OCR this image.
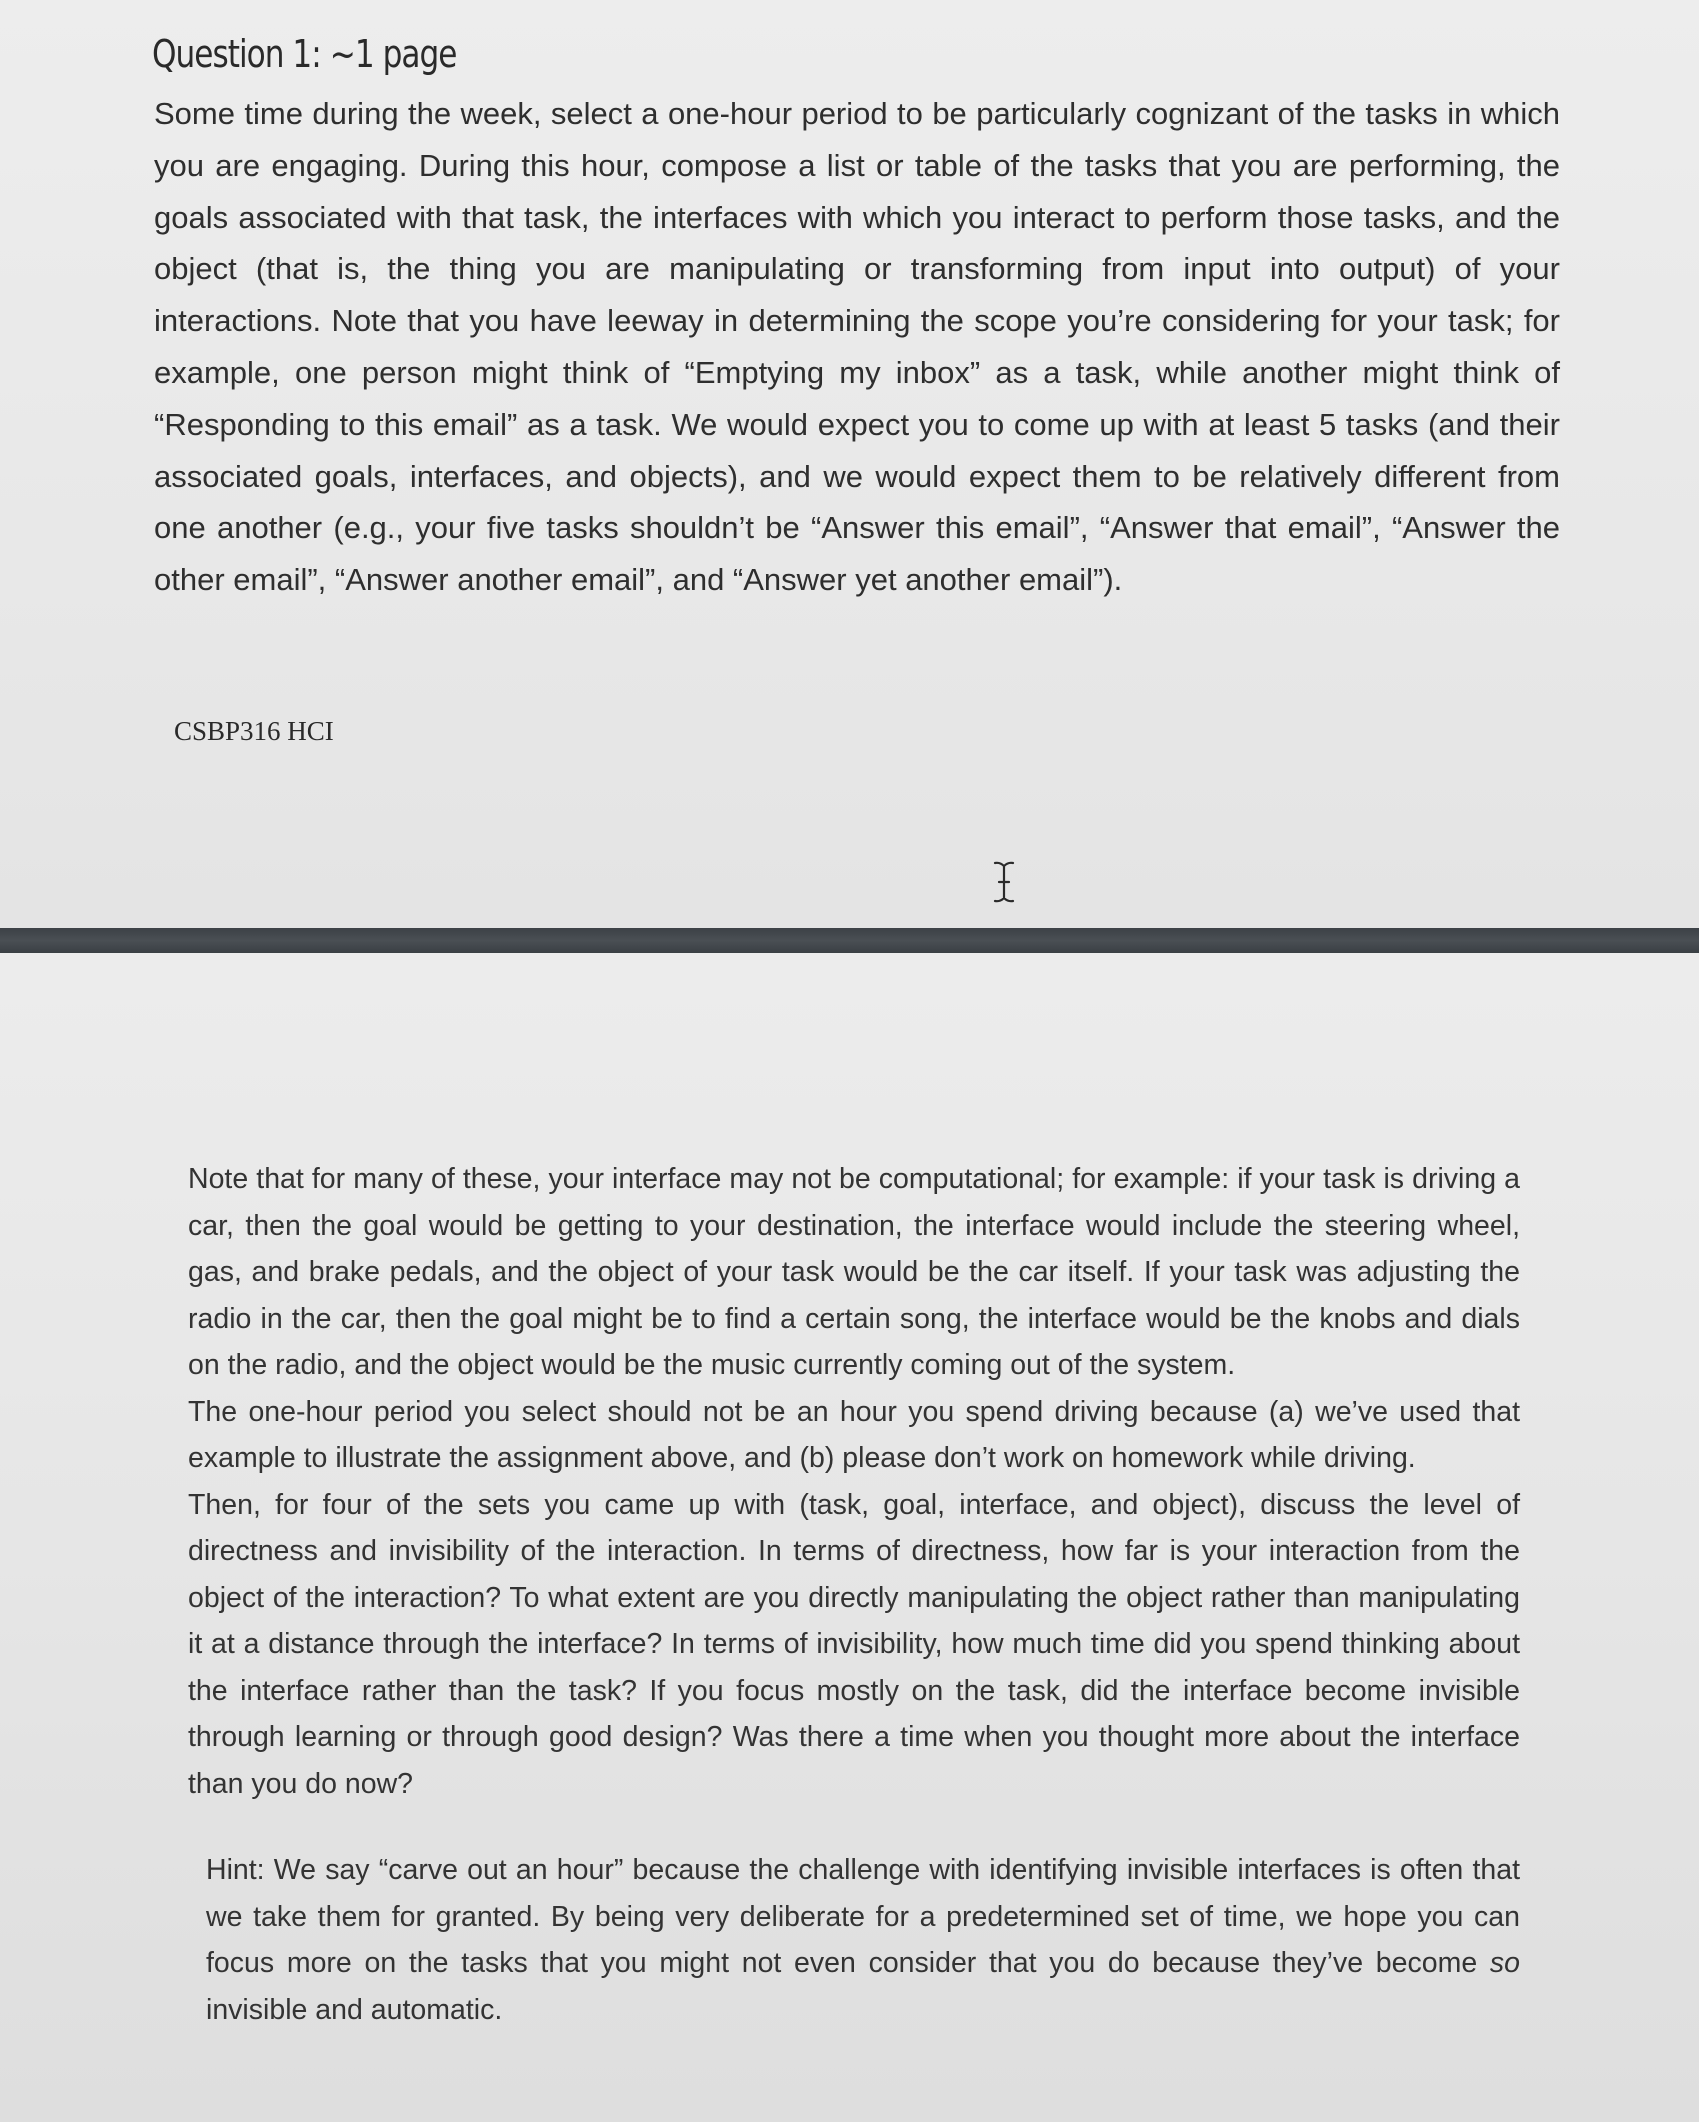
Question 1: ~1 page

Some time during the week, select a one-hour period to be particularly cognizant of the tasks in which you are engaging. During this hour, compose a list or table of the tasks that you are performing, the goals associated with that task, the interfaces with which you interact to perform those tasks, and the object (that is, the thing you are manipulating or transforming from input into output) of your interactions. Note that you have leeway in determining the scope you’re considering for your task; for example, one person might think of “Emptying my inbox” as a task, while another might think of “Responding to this email” as a task. We would expect you to come up with at least 5 tasks (and their associated goals, interfaces, and objects), and we would expect them to be relatively different from one another (e.g., your five tasks shouldn’t be “Answer this email”, “Answer that email”, “Answer the other email”, “Answer another email”, and “Answer yet another email”).

CSBP316 HCI

Note that for many of these, your interface may not be computational; for example: if your task is driving a car, then the goal would be getting to your destination, the interface would include the steering wheel, gas, and brake pedals, and the object of your task would be the car itself. If your task was adjusting the radio in the car, then the goal might be to find a certain song, the interface would be the knobs and dials on the radio, and the object would be the music currently coming out of the system.

The one-hour period you select should not be an hour you spend driving because (a) we’ve used that example to illustrate the assignment above, and (b) please don’t work on homework while driving.

Then, for four of the sets you came up with (task, goal, interface, and object), discuss the level of directness and invisibility of the interaction. In terms of directness, how far is your interaction from the object of the interaction? To what extent are you directly manipulating the object rather than manipulating it at a distance through the interface? In terms of invisibility, how much time did you spend thinking about the interface rather than the task? If you focus mostly on the task, did the interface become invisible through learning or through good design? Was there a time when you thought more about the interface than you do now?

Hint: We say “carve out an hour” because the challenge with identifying invisible interfaces is often that we take them for granted. By being very deliberate for a predetermined set of time, we hope you can focus more on the tasks that you might not even consider that you do because they’ve become so invisible and automatic.
